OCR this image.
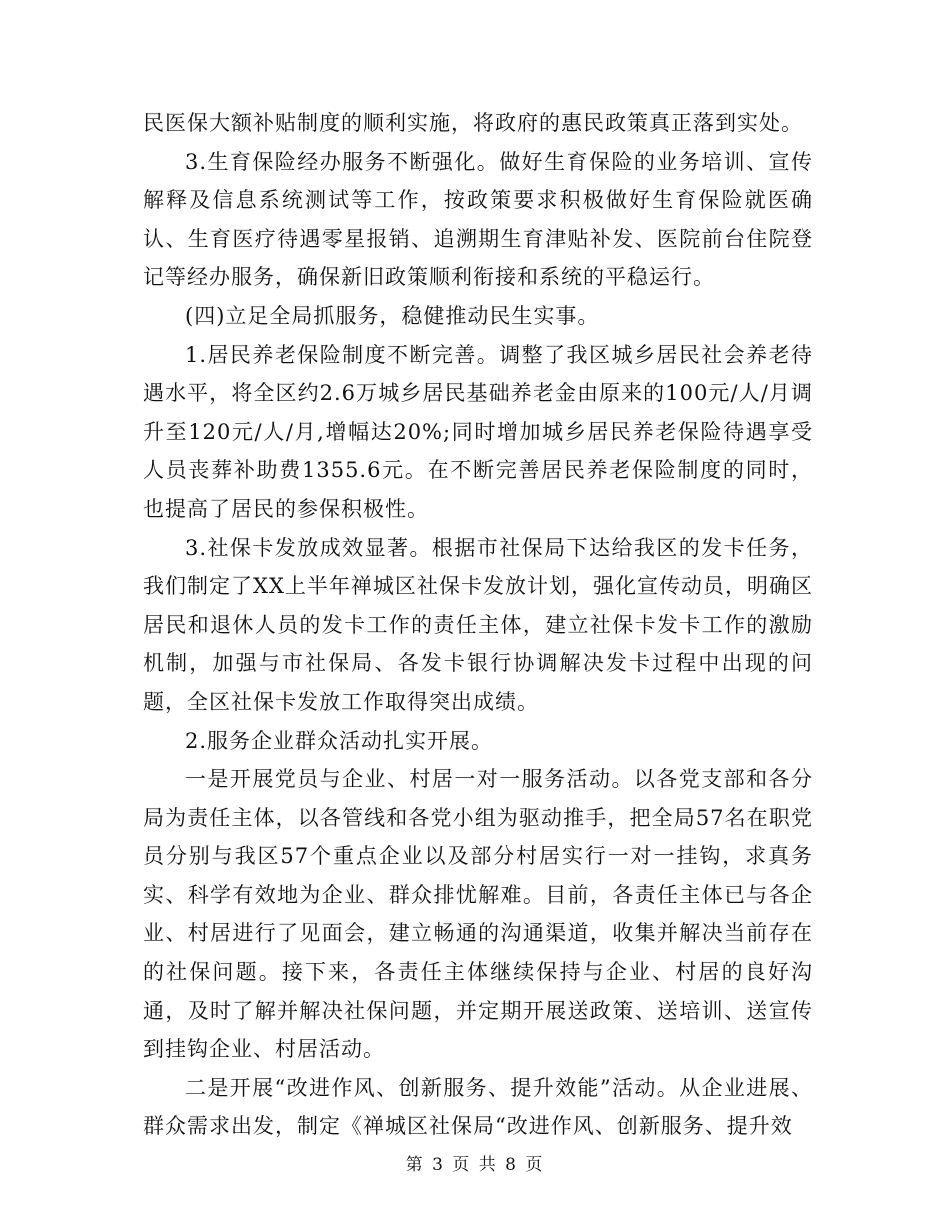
民医保大额补贴制度的顺利实施，将政府的惠民政策真正落到实处。

3.生育保险经办服务不断强化。做好生育保险的业务培训、宣传解释及信息系统测试等工作，按政策要求积极做好生育保险就医确认、生育医疗待遇零星报销、追溯期生育津贴补发、医院前台住院登记等经办服务，确保新旧政策顺利衔接和系统的平稳运行。

(四)立足全局抓服务，稳健推动民生实事。

1.居民养老保险制度不断完善。调整了我区城乡居民社会养老待遇水平，将全区约2.6万城乡居民基础养老金由原来的100元/人/月调升至120元/人/月,增幅达20%;同时增加城乡居民养老保险待遇享受人员丧葬补助费1355.6元。在不断完善居民养老保险制度的同时，也提高了居民的参保积极性。

3.社保卡发放成效显著。根据市社保局下达给我区的发卡任务，我们制定了XX上半年禅城区社保卡发放计划，强化宣传动员，明确区居民和退休人员的发卡工作的责任主体，建立社保卡发卡工作的激励机制，加强与市社保局、各发卡银行协调解决发卡过程中出现的问题，全区社保卡发放工作取得突出成绩。

2.服务企业群众活动扎实开展。

一是开展党员与企业、村居一对一服务活动。以各党支部和各分局为责任主体，以各管线和各党小组为驱动推手，把全局57名在职党员分别与我区57个重点企业以及部分村居实行一对一挂钩，求真务实、科学有效地为企业、群众排忧解难。目前，各责任主体已与各企业、村居进行了见面会，建立畅通的沟通渠道，收集并解决当前存在的社保问题。接下来，各责任主体继续保持与企业、村居的良好沟通，及时了解并解决社保问题，并定期开展送政策、送培训、送宣传到挂钩企业、村居活动。

二是开展“改进作风、创新服务、提升效能”活动。从企业进展、群众需求出发，制定《禅城区社保局“改进作风、创新服务、提升效

第 3 页 共 8 页
